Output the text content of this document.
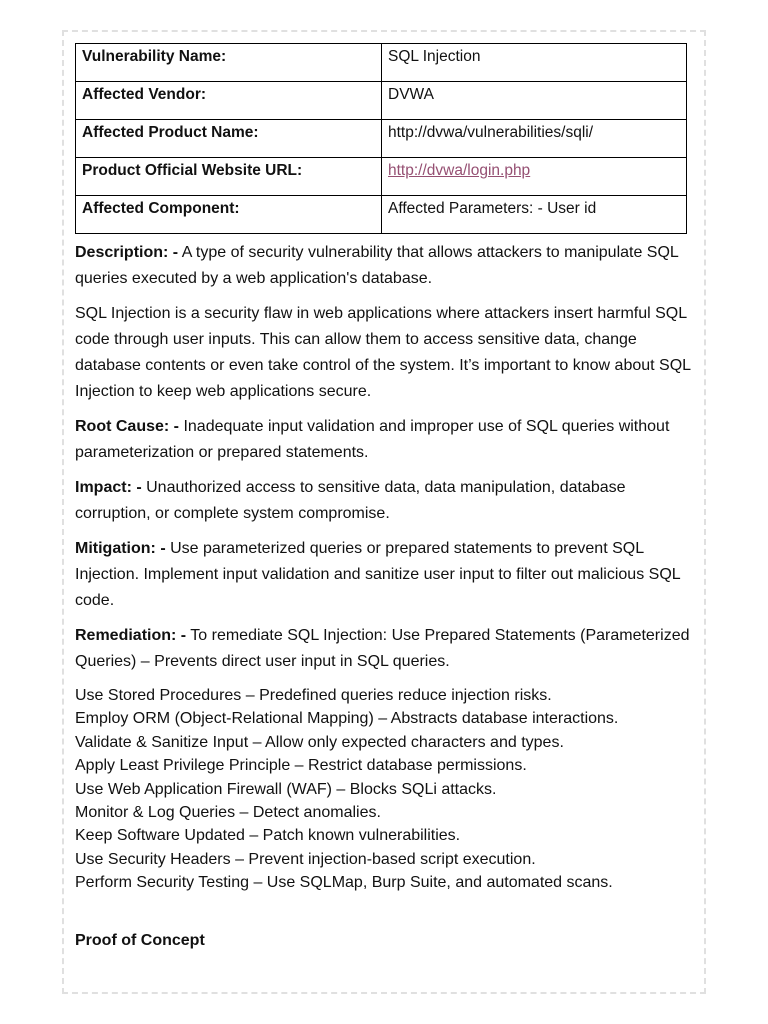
Vulnerability Name:	SQL Injection
Affected Vendor:	DVWA
Affected Product Name:	http://dvwa/vulnerabilities/sqli/
Product Official Website URL:	http://dvwa/login.php
Affected Component:	Affected Parameters: - User id

Description: - A type of security vulnerability that allows attackers to manipulate SQL queries executed by a web application's database.

SQL Injection is a security flaw in web applications where attackers insert harmful SQL code through user inputs. This can allow them to access sensitive data, change database contents or even take control of the system. It’s important to know about SQL Injection to keep web applications secure.

Root Cause: - Inadequate input validation and improper use of SQL queries without parameterization or prepared statements.

Impact: - Unauthorized access to sensitive data, data manipulation, database corruption, or complete system compromise.

Mitigation: - Use parameterized queries or prepared statements to prevent SQL Injection. Implement input validation and sanitize user input to filter out malicious SQL code.

Remediation: - To remediate SQL Injection: Use Prepared Statements (Parameterized Queries) – Prevents direct user input in SQL queries.

Use Stored Procedures – Predefined queries reduce injection risks.
Employ ORM (Object-Relational Mapping) – Abstracts database interactions.
Validate & Sanitize Input – Allow only expected characters and types.
Apply Least Privilege Principle – Restrict database permissions.
Use Web Application Firewall (WAF) – Blocks SQLi attacks.
Monitor & Log Queries – Detect anomalies.
Keep Software Updated – Patch known vulnerabilities.
Use Security Headers – Prevent injection-based script execution.
Perform Security Testing – Use SQLMap, Burp Suite, and automated scans.
Proof of Concept
